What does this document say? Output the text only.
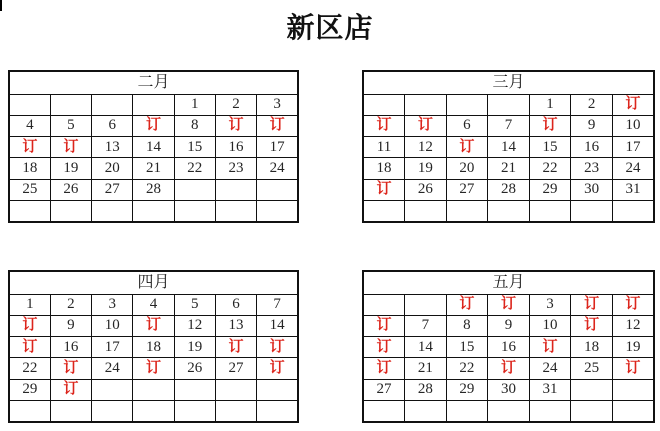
新区店
二月						
				1	2	3
4	5	6	订	8	订	订
订	订	13	14	15	16	17
18	19	20	21	22	23	24
25	26	27	28			

三月						
				1	2	订
订	订	6	7	订	9	10
11	12	订	14	15	16	17
18	19	20	21	22	23	24
订	26	27	28	29	30	31

四月						
1	2	3	4	5	6	7
订	9	10	订	12	13	14
订	16	17	18	19	订	订
22	订	24	订	26	27	订
29	订					

五月						
		订	订	3	订	订
订	7	8	9	10	订	12
订	14	15	16	订	18	19
订	21	22	订	24	25	订
27	28	29	30	31		
